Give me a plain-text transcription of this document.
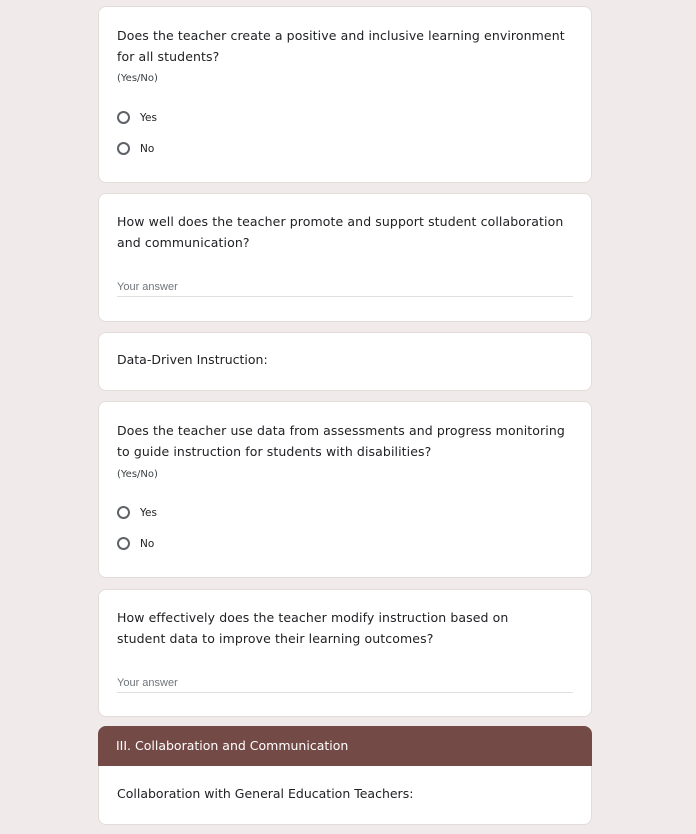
Does the teacher create a positive and inclusive learning environment for all students?
(Yes/No)
Yes
No
How well does the teacher promote and support student collaboration and communication?
Your answer
Data-Driven Instruction:
Does the teacher use data from assessments and progress monitoring to guide instruction for students with disabilities?
(Yes/No)
Yes
No
How effectively does the teacher modify instruction based on student data to improve their learning outcomes?
Your answer
III. Collaboration and Communication
Collaboration with General Education Teachers:
